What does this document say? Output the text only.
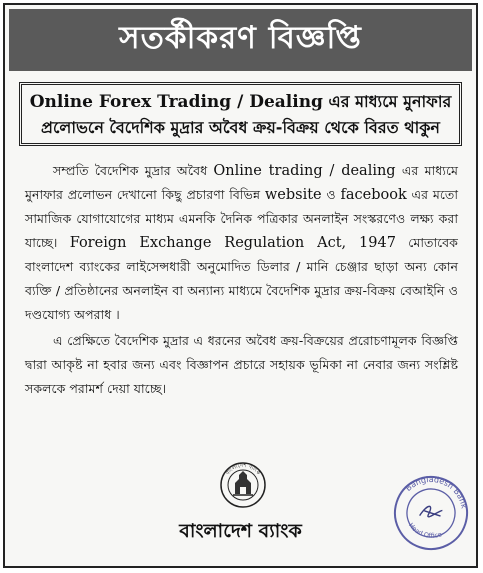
সতর্কীকরণ বিজ্ঞপ্তি
Online Forex Trading / Dealing এর মাধ্যমে মুনাফার
প্রলোভনে বৈদেশিক মুদ্রার অবৈধ ক্রয়-বিক্রয় থেকে বিরত থাকুন

সম্প্রতি বৈদেশিক মুদ্রার অবৈধ Online trading / dealing এর মাধ্যমে মুনাফার প্রলোভন দেখানো কিছু প্রচারণা বিভিন্ন website ও facebook এর মতো সামাজিক যোগাযোগের মাধ্যম এমনকি দৈনিক পত্রিকার অনলাইন সংস্করণেও লক্ষ্য করা যাচ্ছে। Foreign Exchange Regulation Act, 1947 মোতাবেক বাংলাদেশ ব্যাংকের লাইসেন্সধারী অনুমোদিত ডিলার / মানি চেঞ্জার ছাড়া অন্য কোন ব্যক্তি / প্রতিষ্ঠানের অনলাইন বা অন্যান্য মাধ্যমে বৈদেশিক মুদ্রার ক্রয়-বিক্রয় বেআইনি ও দণ্ডযোগ্য অপরাধ ।

এ প্রেক্ষিতে বৈদেশিক মুদ্রার এ ধরনের অবৈধ ক্রয়-বিক্রয়ের প্ররোচণামূলক বিজ্ঞপ্তি দ্বারা আকৃষ্ট না হবার জন্য এবং বিজ্ঞাপন প্রচারে সহায়ক ভূমিকা না নেবার জন্য সংশ্লিষ্ট সকলকে পরামর্শ দেয়া যাচ্ছে।

বাংলাদেশ ব্যাংক
Bangladesh Bank
Head Office
বাংলাদেশ ব্যাংক
